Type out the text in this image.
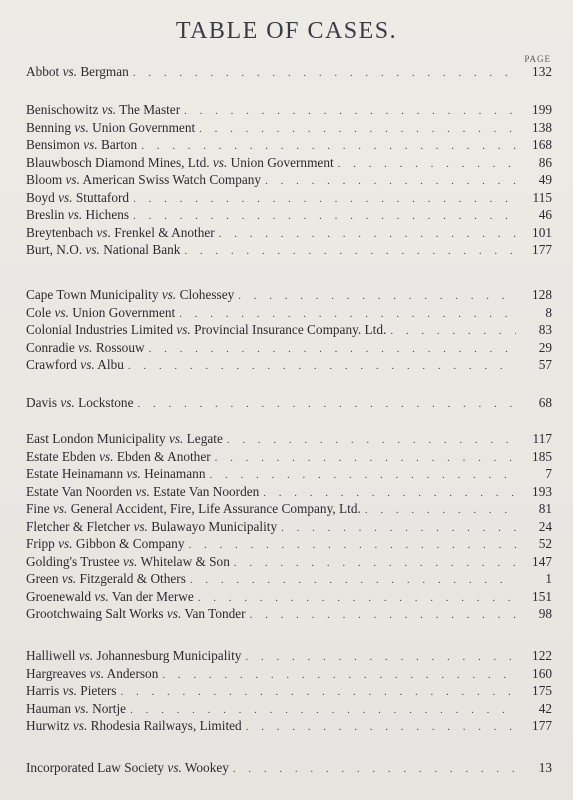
TABLE OF CASES.
PAGE
Abbot vs. Bergman . . .	132
Benischowitz vs. The Master . . .	199
Benning vs. Union Government . . .	138
Bensimon vs. Barton . . .	168
Blauwbosch Diamond Mines, Ltd. vs. Union Government . . .	86
Bloom vs. American Swiss Watch Company . . .	49
Boyd vs. Stuttaford . . .	115
Breslin vs. Hichens . . .	46
Breytenbach vs. Frenkel & Another . . .	101
Burt, N.O. vs. National Bank . . .	177
Cape Town Municipality vs. Clohessey . . .	128
Cole vs. Union Government . . .	8
Colonial Industries Limited vs. Provincial Insurance Company. Ltd. . . .	83
Conradie vs. Rossouw . . .	29
Crawford vs. Albu . . .	57
Davis vs. Lockstone . . .	68
East London Municipality vs. Legate . . .	117
Estate Ebden vs. Ebden & Another . . .	185
Estate Heinamann vs. Heinamann . . .	7
Estate Van Noorden vs. Estate Van Noorden . . .	193
Fine vs. General Accident, Fire, Life Assurance Company, Ltd. . . .	81
Fletcher & Fletcher vs. Bulawayo Municipality . . .	24
Fripp vs. Gibbon & Company . . .	52
Golding's Trustee vs. Whitelaw & Son . . .	147
Green vs. Fitzgerald & Others . . .	1
Groenewald vs. Van der Merwe . . .	151
Grootchwaing Salt Works vs. Van Tonder . . .	98
Halliwell vs. Johannesburg Municipality . . .	122
Hargreaves vs. Anderson . . .	160
Harris vs. Pieters . . .	175
Hauman vs. Nortje . . .	42
Hurwitz vs. Rhodesia Railways, Limited . . .	177
Incorporated Law Society vs. Wookey . . .	13
